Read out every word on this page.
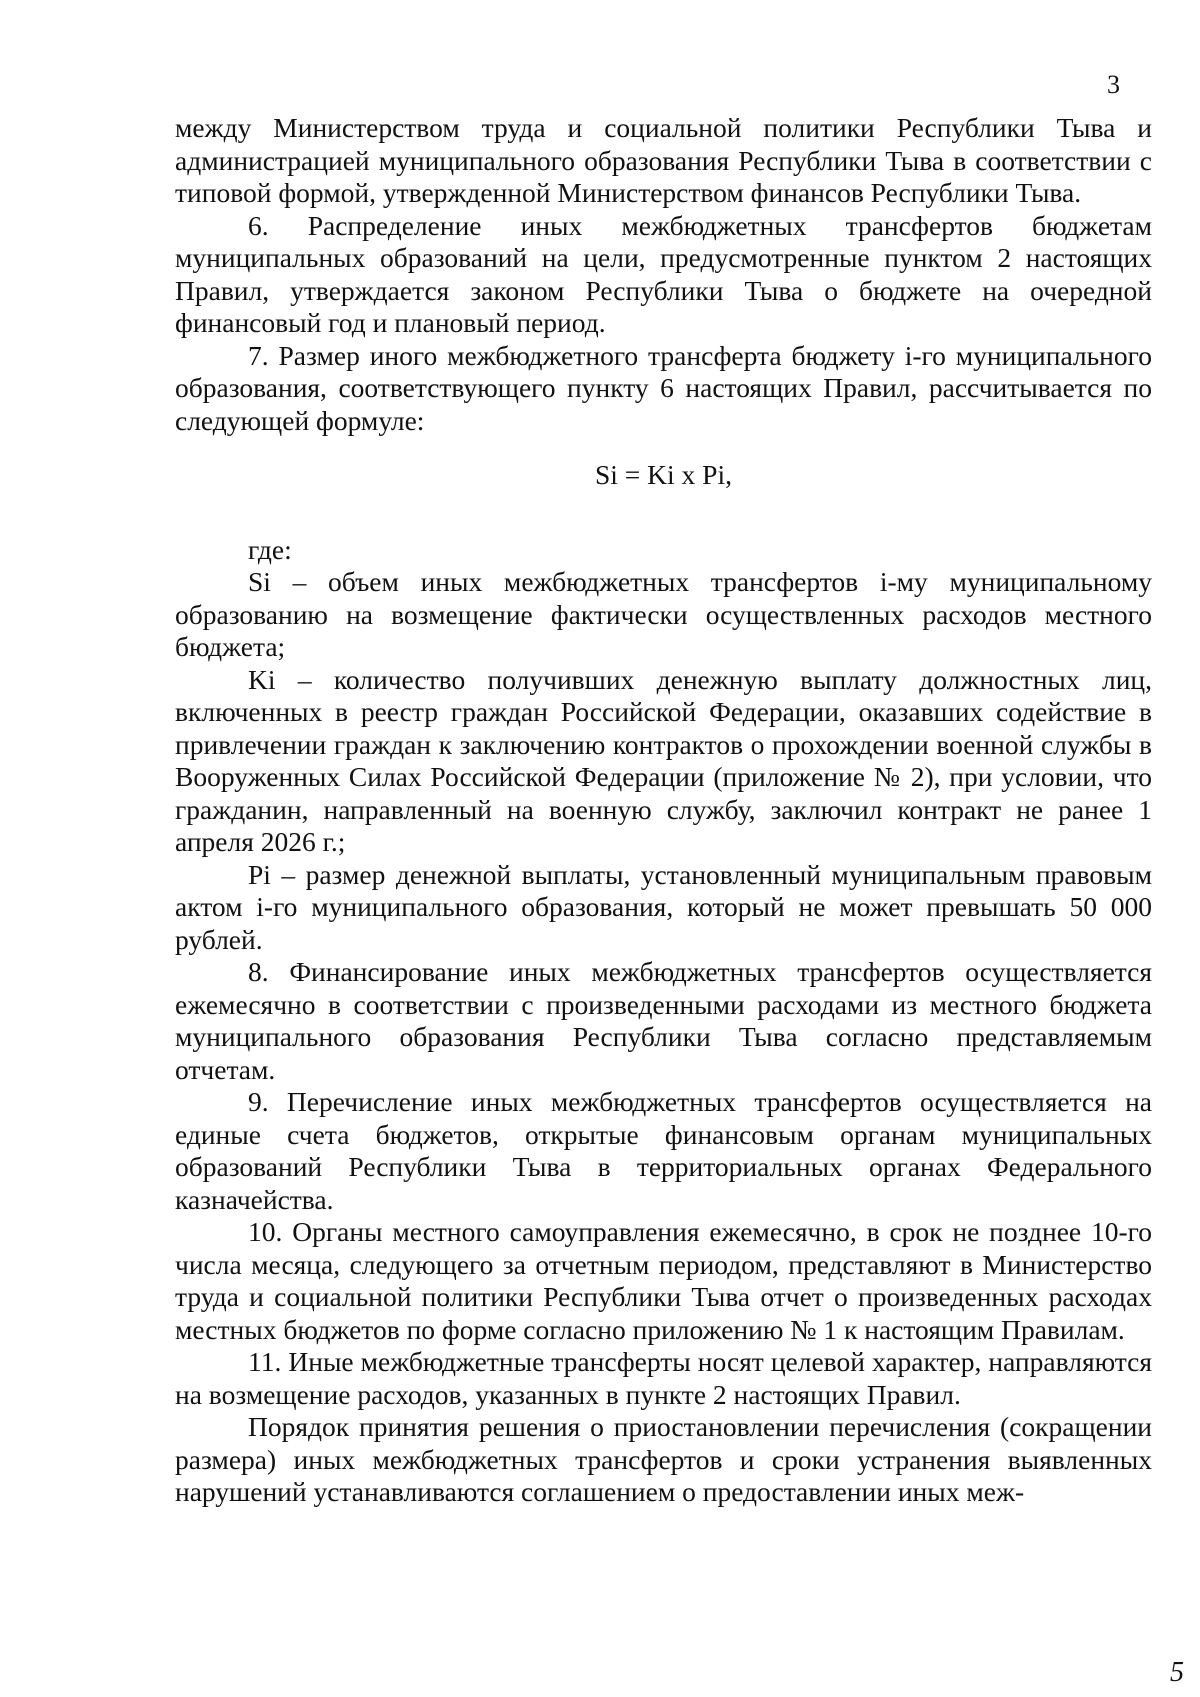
3

между Министерством труда и социальной политики Республики Тыва и администрацией муниципального образования Республики Тыва в соответствии с типовой формой, утвержденной Министерством финансов Республики Тыва.

6. Распределение иных межбюджетных трансфертов бюджетам муниципальных образований на цели, предусмотренные пунктом 2 настоящих Правил, утверждается законом Республики Тыва о бюджете на очередной финансовый год и плановый период.

7. Размер иного межбюджетного трансферта бюджету i-го муниципального образования, соответствующего пункту 6 настоящих Правил, рассчитывается по следующей формуле:

Si = Ki x Pi,

где:

Si – объем иных межбюджетных трансфертов i-му муниципальному образованию на возмещение фактически осуществленных расходов местного бюджета;

Ki – количество получивших денежную выплату должностных лиц, включенных в реестр граждан Российской Федерации, оказавших содействие в привлечении граждан к заключению контрактов о прохождении военной службы в Вооруженных Силах Российской Федерации (приложение № 2), при условии, что гражданин, направленный на военную службу, заключил контракт не ранее 1 апреля 2026 г.;

Pi – размер денежной выплаты, установленный муниципальным правовым актом i-го муниципального образования, который не может превышать 50 000 рублей.

8. Финансирование иных межбюджетных трансфертов осуществляется ежемесячно в соответствии с произведенными расходами из местного бюджета муниципального образования Республики Тыва согласно представляемым отчетам.

9. Перечисление иных межбюджетных трансфертов осуществляется на единые счета бюджетов, открытые финансовым органам муниципальных образований Республики Тыва в территориальных органах Федерального казначейства.

10. Органы местного самоуправления ежемесячно, в срок не позднее 10-го числа месяца, следующего за отчетным периодом, представляют в Министерство труда и социальной политики Республики Тыва отчет о произведенных расходах местных бюджетов по форме согласно приложению № 1 к настоящим Правилам.

11. Иные межбюджетные трансферты носят целевой характер, направляются на возмещение расходов, указанных в пункте 2 настоящих Правил.

Порядок принятия решения о приостановлении перечисления (сокращении размера) иных межбюджетных трансфертов и сроки устранения выявленных нарушений устанавливаются соглашением о предоставлении иных меж-

5
